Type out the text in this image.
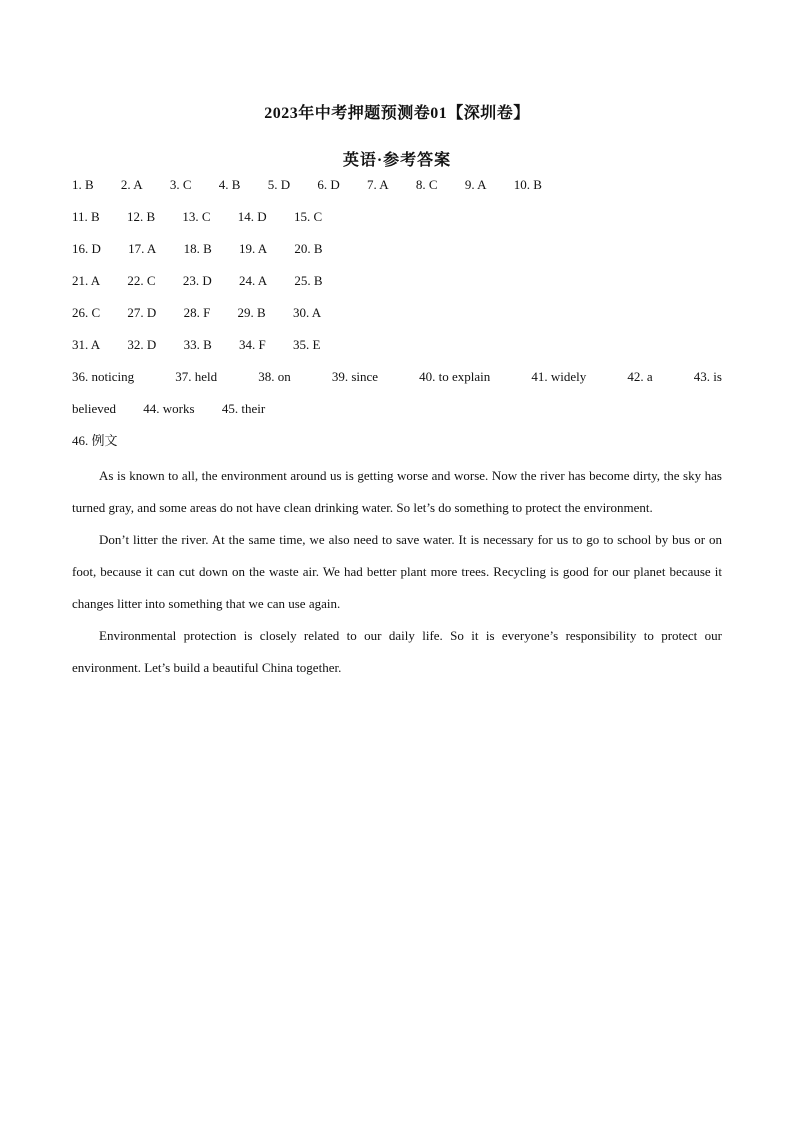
2023年中考押题预测卷01【深圳卷】
英语·参考答案
1. B 2. A 3. C 4. B 5. D 6. D 7. A 8. C 9. A 10. B
11. B 12. B 13. C 14. D 15. C
16. D 17. A 18. B 19. A 20. B
21. A 22. C 23. D 24. A 25. B
26. C 27. D 28. F 29. B 30. A
31. A 32. D 33. B 34. F 35. E
36. noticing	37. held	38. on	39. since	40. to explain	41. widely	42. a	43. is
believed 44. works 45. their
46. 例文

As is known to all, the environment around us is getting worse and worse. Now the river has become dirty, the sky has turned gray, and some areas do not have clean drinking water. So let’s do something to protect the environment.

Don’t litter the river. At the same time, we also need to save water. It is necessary for us to go to school by bus or on foot, because it can cut down on the waste air. We had better plant more trees. Recycling is good for our planet because it changes litter into something that we can use again.

Environmental protection is closely related to our daily life. So it is everyone’s responsibility to protect our environment. Let’s build a beautiful China together.
